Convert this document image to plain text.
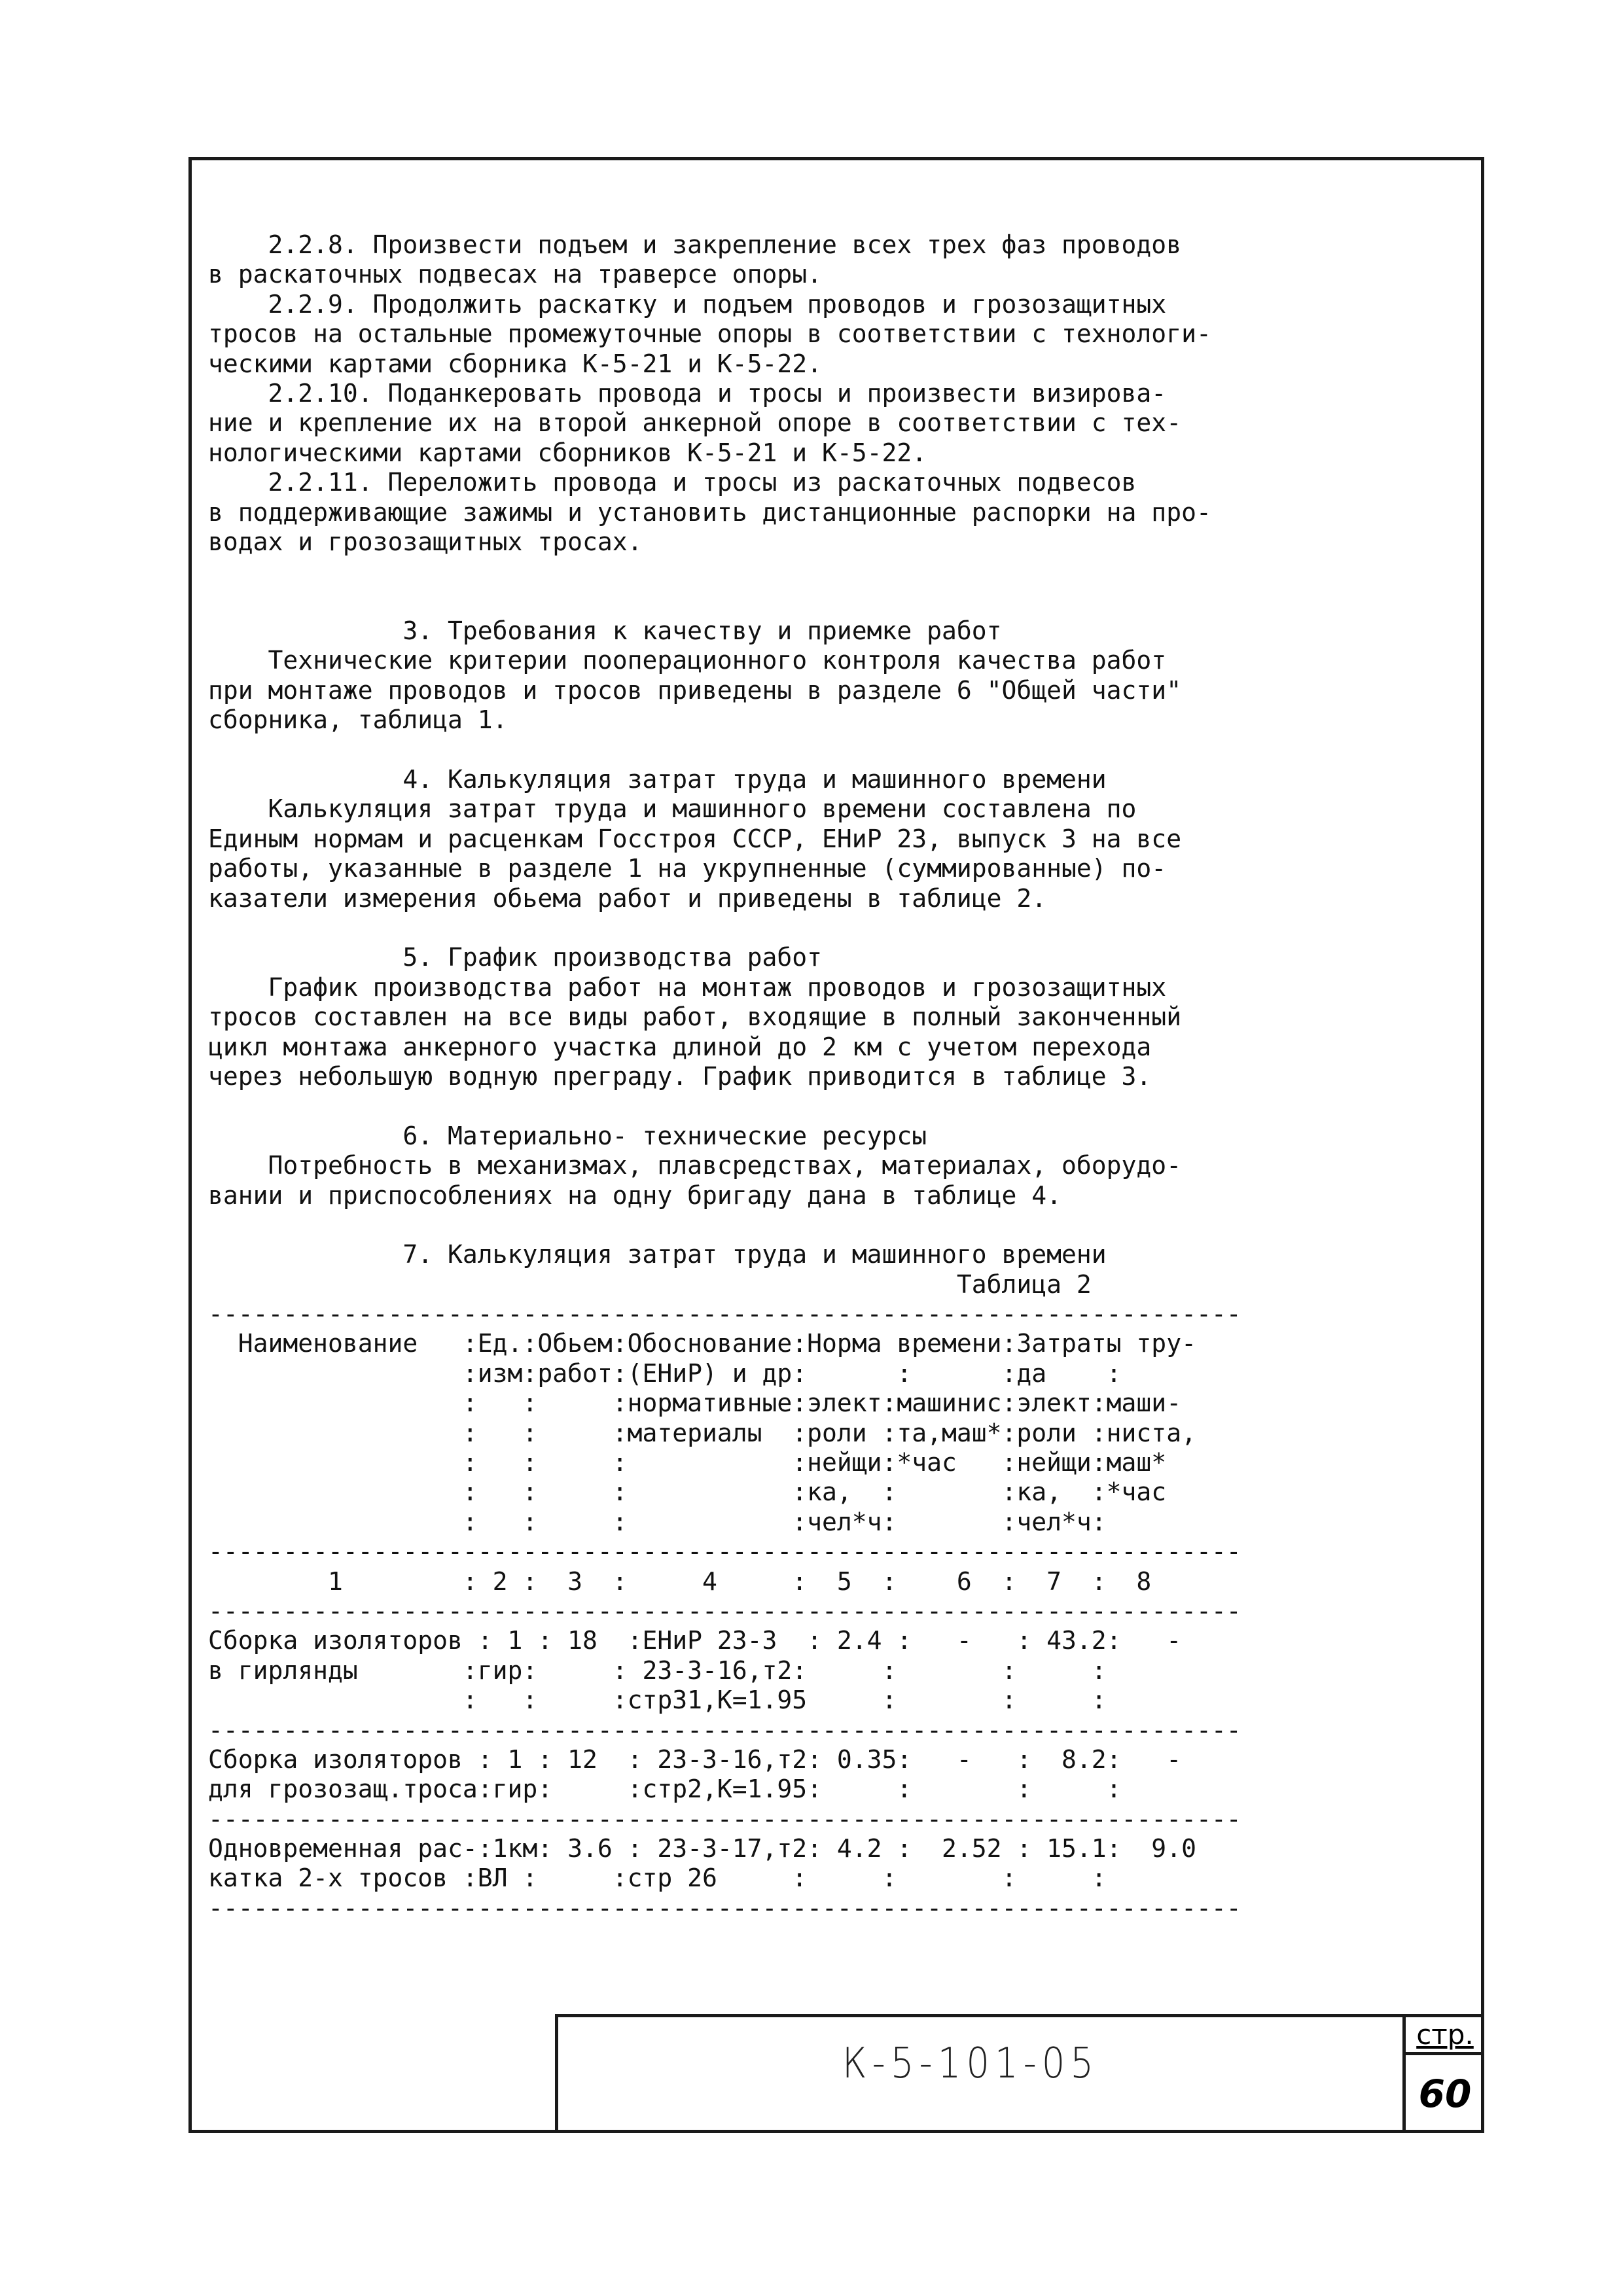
2.2.8. Произвести подъем и закрепление всех трех фаз проводов
в раскаточных подвесах на траверсе опоры.
2.2.9. Продолжить раскатку и подъем проводов и грозозащитных
тросов на остальные промежуточные опоры в соответствии с технологи-
ческими картами сборника К-5-21 и К-5-22.
2.2.10. Поданкеровать провода и тросы и произвести визирова-
ние и крепление их на второй анкерной опоре в соответствии с тех-
нологическими картами сборников К-5-21 и К-5-22.
2.2.11. Переложить провода и тросы из раскаточных подвесов
в поддерживающие зажимы и установить дистанционные распорки на про-
водах и грозозащитных тросах.
3. Требования к качеству и приемке работ
Технические критерии пооперационного контроля качества работ
при монтаже проводов и тросов приведены в разделе 6 "Общей части"
сборника, таблица 1.
4. Калькуляция затрат труда и машинного времени
Калькуляция затрат труда и машинного времени составлена по
Единым нормам и расценкам Госстроя СССР, ЕНиР 23, выпуск 3 на все
работы, указанные в разделе 1 на укрупненные (суммированные) по-
казатели измерения обьема работ и приведены в таблице 2.
5. График производства работ
График производства работ на монтаж проводов и грозозащитных
тросов составлен на все виды работ, входящие в полный законченный
цикл монтажа анкерного участка длиной до 2 км с учетом перехода
через небольшую водную преграду. График приводится в таблице 3.
6. Материально- технические ресурсы
Потребность в механизмах, плавсредствах, материалах, оборудо-
вании и приспособлениях на одну бригаду дана в таблице 4.
7. Калькуляция затрат труда и машинного времени
Таблица 2
---------------------------------------------------------------------
Наименование   :Ед.:Обьем:Обоснование:Норма времени:Затраты тру-
:изм:работ:(ЕНиР) и др:      :      :да    :
:   :     :нормативные:элект:машинис:элект:маши-
:   :     :материалы  :роли :та,маш*:роли :ниста,
:   :     :           :нейщи:*час   :нейщи:маш*
:   :     :           :ка,  :       :ка,  :*час
:   :     :           :чел*ч:       :чел*ч:
---------------------------------------------------------------------
1        : 2 :  3  :     4     :  5  :    6  :  7  :  8
---------------------------------------------------------------------
Сборка изоляторов : 1 : 18  :ЕНиР 23-3  : 2.4 :   -   : 43.2:   -
в гирлянды       :гир:     : 23-3-16,т2:     :       :     :
:   :     :стр31,К=1.95     :       :     :
---------------------------------------------------------------------
Сборка изоляторов : 1 : 12  : 23-3-16,т2: 0.35:   -   :  8.2:   -
для грозозащ.троса:гир:     :стр2,К=1.95:     :       :     :
---------------------------------------------------------------------
Одновременная рас-:1км: 3.6 : 23-3-17,т2: 4.2 :  2.52 : 15.1:  9.0
катка 2-х тросов :ВЛ :     :стр 26     :     :       :     :
---------------------------------------------------------------------
К-5-101-05
стр.
60
